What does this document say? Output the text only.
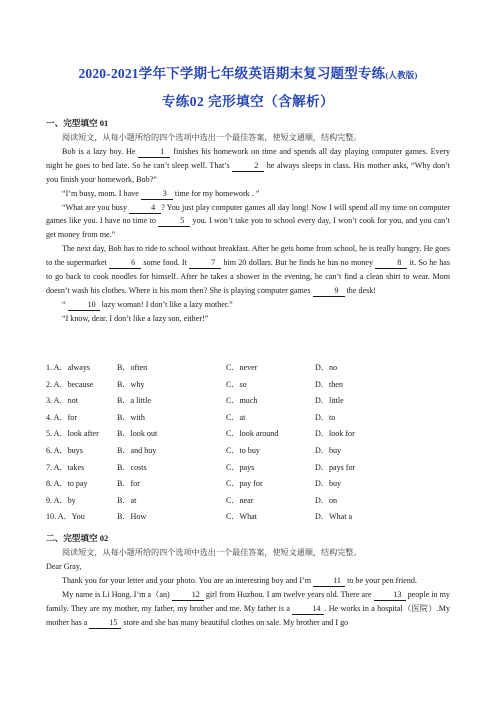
2020-2021学年下学期七年级英语期末复习题型专练(人教版)
专练02 完形填空（含解析）
一、完型填空 01

阅读短文，从每小题所给的四个选项中选出一个最佳答案，使短文通顺，结构完整。

Bob is a lazy boy. He	1 finishes his homework on time and spends all day playing computer games. Every night he goes to bed late. So he can’t sleep well. That’s	2 he always sleeps in class. His mother asks, “Why don’t you finish your homework, Bob?”

“I’m busy, mom. I have	3 time for my homework . ”

“What are you busy	4 ? You just play computer games all day long! Now I will spend all my time on computer games like you. I have no time to	5 you. I won’t take you to school every day, I won’t cook for you, and you can’t get money from me.”

The next day, Bob has to ride to school without breakfast. After he gets home from school, he is really hungry. He goes to the supermarket	6 some food. It	7 him 20 dollars. But he finds he has no money	8 it. So he has to go back to cook noodles for himself. After he takes a shower in the evening, he can’t find a clean shirt to wear. Mom doesn’t wash his clothes. Where is his mom then? She is playing computer games	9 the desk!

“ 10 lazy woman! I don’t like a lazy mother.”

“I know, dear. I don’t like a lazy son, either!”

1. A．always	B．often	C．never	D．no
2. A．because	B．why	C．so	D．then
3. A．not	B．a little	C．much	D．little
4. A．for	B．with	C．at	D．to
5. A．look after B．look out	C．look around	D．look for
6. A．buys	B．and buy	C．to buy	D．buy
7. A．takes	B．costs	C．pays	D．pays for
8. A．to pay	B．for	C．pay for	D．buy
9. A．by	B．at	C．near	D．on
10. A．You	B．How	C．What	D．What a
二、完型填空 02

阅读短文，从每小题所给的四个选项中选出一个最佳答案，使短文通顺，结构完整。

Dear Gray,

Thank you for your letter and your photo. You are an interesting boy and I’m 11 to be your pen friend.

My name is Li Hong. I’m a（an) 12 girl from Huzhou. I am twelve years old. There are 13 people in my family. They are my mother, my father, my brother and me. My father is a 14 . He works in a hospital（医院）.My mother has a 15 store and she has many beautiful clothes on sale. My brother and I go
